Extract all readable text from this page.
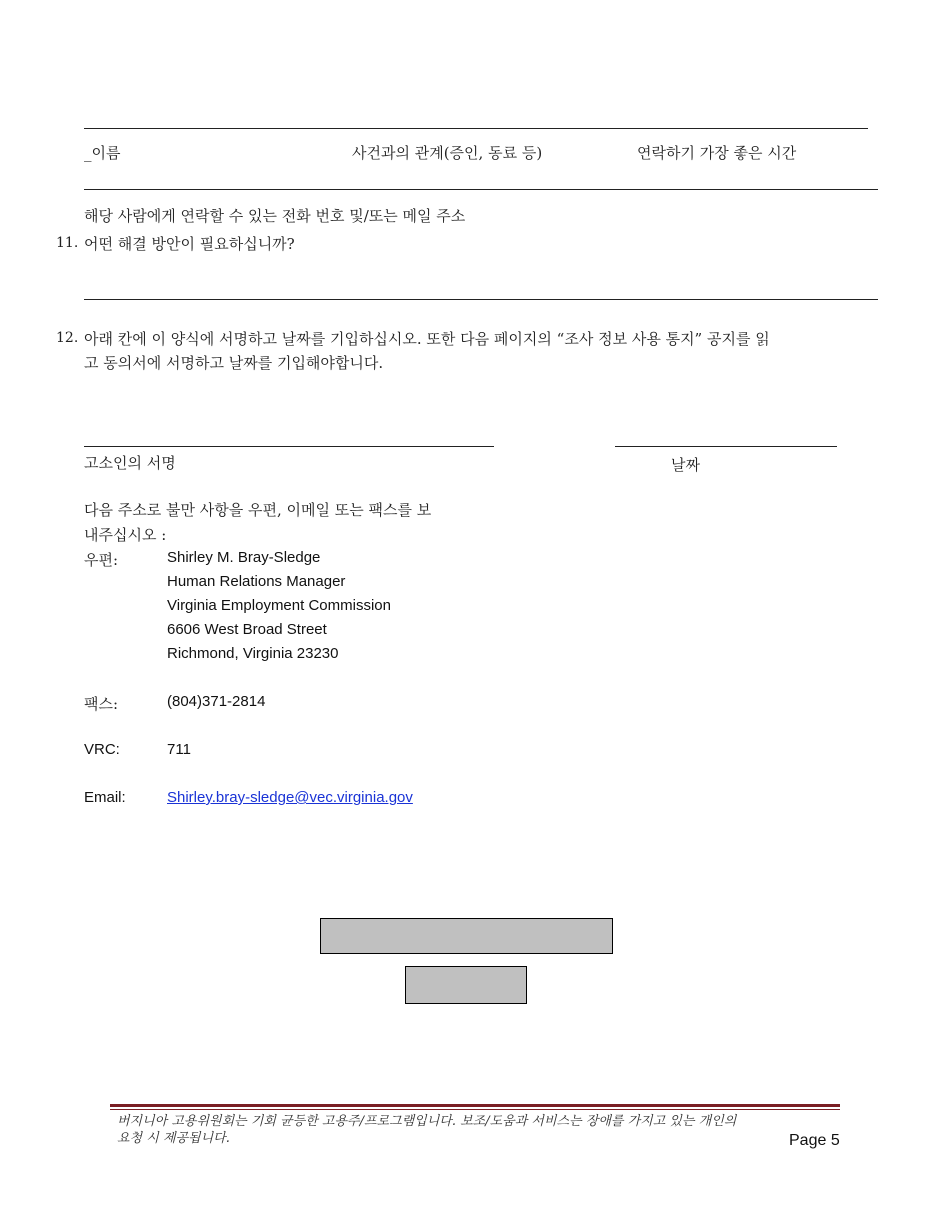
_이름	사건과의 관계(증인, 동료 등)	연락하기 가장 좋은 시간
해당 사람에게 연락할 수 있는 전화 번호 및/또는 메일 주소
11. 어떤 해결 방안이 필요하십니까?
12. 아래 칸에 이 양식에 서명하고 날짜를 기입하십시오. 또한 다음 페이지의 “조사 정보 사용 통지” 공지를 읽
고 동의서에 서명하고 날짜를 기입해야합니다.
고소인의 서명	날짜
다음 주소로 불만 사항을 우편, 이메일 또는 팩스를 보
내주십시오 :
우편:	Shirley M. Bray-Sledge
Human Relations Manager
Virginia Employment Commission
6606 West Broad Street
Richmond, Virginia 23230
팩스:	(804)371-2814
VRC:	711
Email:	Shirley.bray-sledge@vec.virginia.gov
버지니아 고용위원회는 기회 균등한 고용주/프로그램입니다. 보조/도움과 서비스는 장애를 가지고 있는 개인의
요청 시 제공됩니다.	Page 5
